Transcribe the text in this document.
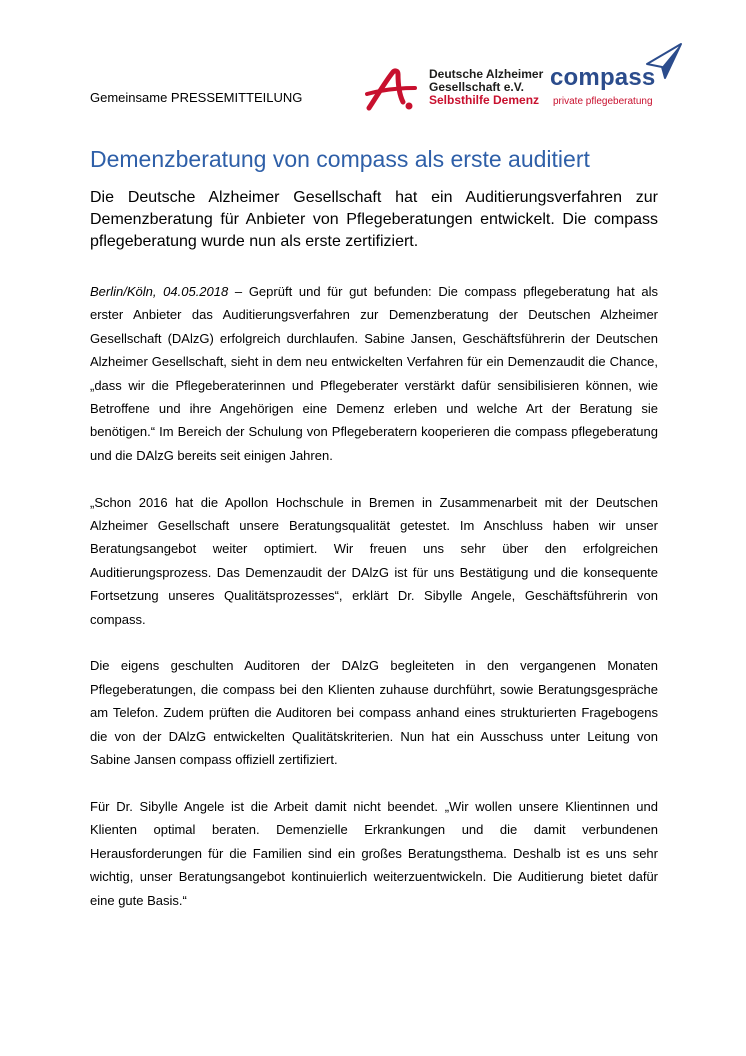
Gemeinsame PRESSEMITTEILUNG
Deutsche Alzheimer
Gesellschaft e.V.
Selbsthilfe Demenz
compass
private pflegeberatung
Demenzberatung von compass als erste auditiert

Die Deutsche Alzheimer Gesellschaft hat ein Auditierungsverfahren zur Demenzberatung für Anbieter von Pflegeberatungen entwickelt. Die compass pflegeberatung wurde nun als erste zertifiziert.

Berlin/Köln, 04.05.2018 – Geprüft und für gut befunden: Die compass pflegeberatung hat als erster Anbieter das Auditierungsverfahren zur Demenzberatung der Deutschen Alzheimer Gesellschaft (DAlzG) erfolgreich durchlaufen. Sabine Jansen, Geschäftsführerin der Deutschen Alzheimer Gesellschaft, sieht in dem neu entwickelten Verfahren für ein Demenzaudit die Chance, „dass wir die Pflegeberaterinnen und Pflegeberater verstärkt dafür sensibilisieren können, wie Betroffene und ihre Angehörigen eine Demenz erleben und welche Art der Beratung sie benötigen.“ Im Bereich der Schulung von Pflegeberatern kooperieren die compass pflegeberatung und die DAlzG bereits seit einigen Jahren.

„Schon 2016 hat die Apollon Hochschule in Bremen in Zusammenarbeit mit der Deutschen Alzheimer Gesellschaft unsere Beratungsqualität getestet. Im Anschluss haben wir unser Beratungsangebot weiter optimiert. Wir freuen uns sehr über den erfolgreichen Auditierungsprozess. Das Demenzaudit der DAlzG ist für uns Bestätigung und die konsequente Fortsetzung unseres Qualitätsprozesses“, erklärt Dr. Sibylle Angele, Geschäftsführerin von compass.

Die eigens geschulten Auditoren der DAlzG begleiteten in den vergangenen Monaten Pflegeberatungen, die compass bei den Klienten zuhause durchführt, sowie Beratungsgespräche am Telefon. Zudem prüften die Auditoren bei compass anhand eines strukturierten Fragebogens die von der DAlzG entwickelten Qualitätskriterien. Nun hat ein Ausschuss unter Leitung von Sabine Jansen compass offiziell zertifiziert.

Für Dr. Sibylle Angele ist die Arbeit damit nicht beendet. „Wir wollen unsere Klientinnen und Klienten optimal beraten. Demenzielle Erkrankungen und die damit verbundenen Herausforderungen für die Familien sind ein großes Beratungsthema. Deshalb ist es uns sehr wichtig, unser Beratungsangebot kontinuierlich weiterzuentwickeln. Die Auditierung bietet dafür eine gute Basis.“
